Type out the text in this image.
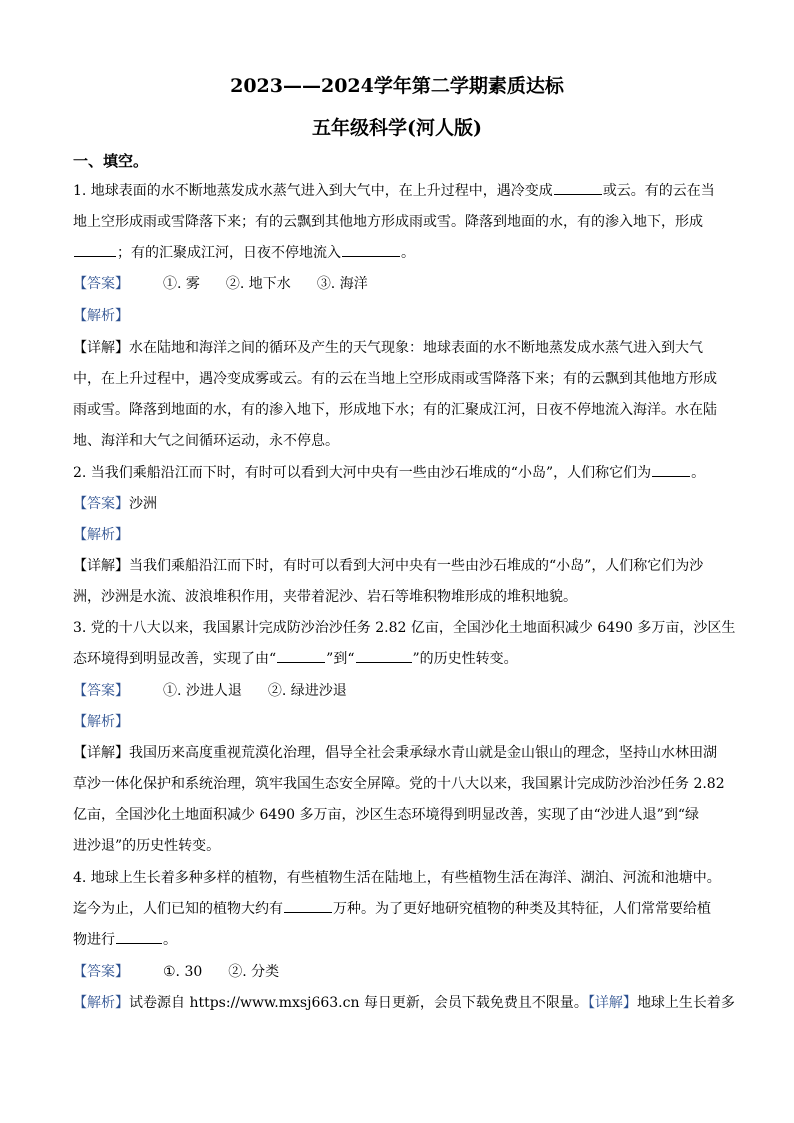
2023——2024学年第二学期素质达标
五年级科学(河人版)
一、填空。
1. 地球表面的水不断地蒸发成水蒸气进入到大气中，在上升过程中，遇冷变成	或云。有的云在当
地上空形成雨或雪降落下来；有的云飘到其他地方形成雨或雪。降落到地面的水，有的渗入地下，形成
；有的汇聚成江河，日夜不停地流入	。
【答案】 ①. 雾 ②. 地下水 ③. 海洋
【解析】
【详解】水在陆地和海洋之间的循环及产生的天气现象：地球表面的水不断地蒸发成水蒸气进入到大气
中，在上升过程中，遇冷变成雾或云。有的云在当地上空形成雨或雪降落下来；有的云飘到其他地方形成
雨或雪。降落到地面的水，有的渗入地下，形成地下水；有的汇聚成江河，日夜不停地流入海洋。水在陆
地、海洋和大气之间循环运动，永不停息。
2. 当我们乘船沿江而下时，有时可以看到大河中央有一些由沙石堆成的“小岛”，人们称它们为	。
【答案】沙洲
【解析】
【详解】当我们乘船沿江而下时，有时可以看到大河中央有一些由沙石堆成的“小岛”，人们称它们为沙
洲，沙洲是水流、波浪堆积作用，夹带着泥沙、岩石等堆积物堆形成的堆积地貌。
3. 党的十八大以来，我国累计完成防沙治沙任务 2.82 亿亩，全国沙化土地面积减少 6490 多万亩，沙区生
态环境得到明显改善，实现了由“	”到“	”的历史性转变。
【答案】 ①. 沙进人退 ②. 绿进沙退
【解析】
【详解】我国历来高度重视荒漠化治理，倡导全社会秉承绿水青山就是金山银山的理念，坚持山水林田湖
草沙一体化保护和系统治理，筑牢我国生态安全屏障。党的十八大以来，我国累计完成防沙治沙任务 2.82
亿亩，全国沙化土地面积减少 6490 多万亩，沙区生态环境得到明显改善，实现了由“沙进人退”到“绿
进沙退”的历史性转变。
4. 地球上生长着多种多样的植物，有些植物生活在陆地上，有些植物生活在海洋、湖泊、河流和池塘中。
迄今为止，人们已知的植物大约有	万种。为了更好地研究植物的种类及其特征，人们常常要给植
物进行	。
【答案】 ①. 30 ②. 分类
【解析】试卷源自 https://www.mxsj663.cn 每日更新，会员下载免费且不限量。【详解】地球上生长着多
